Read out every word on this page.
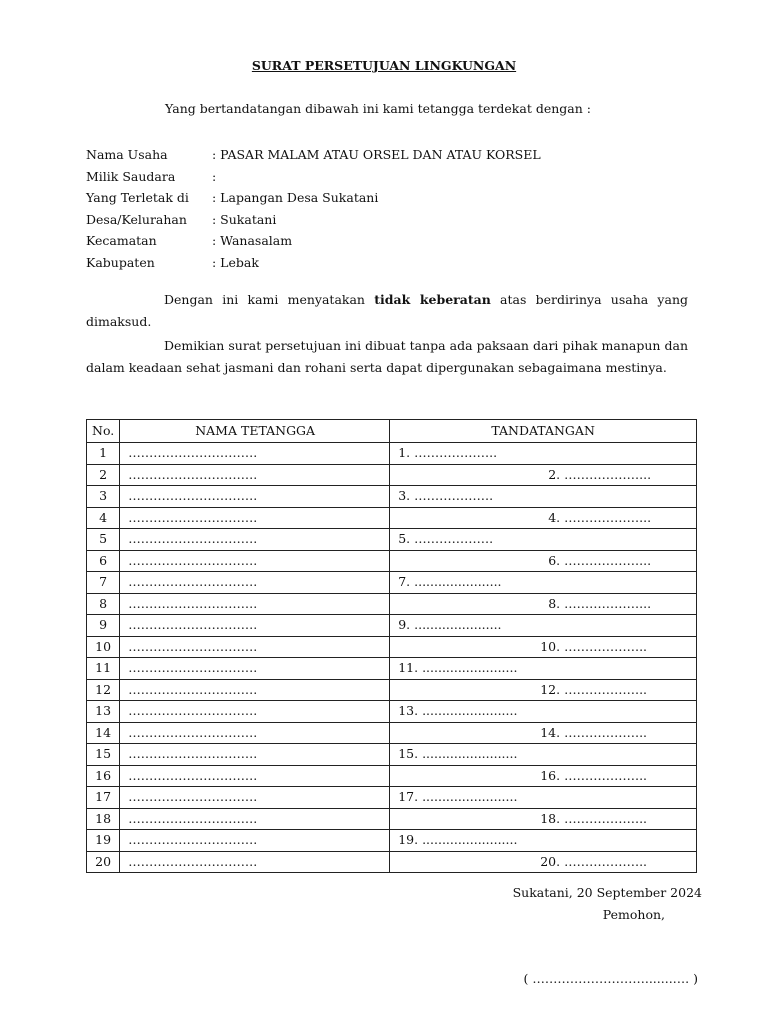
SURAT PERSETUJUAN LINGKUNGAN
Yang bertandatangan dibawah ini kami tetangga terdekat dengan :
Nama Usaha	: PASAR MALAM ATAU ORSEL DAN ATAU KORSEL
Milik Saudara	:
Yang Terletak di	: Lapangan Desa Sukatani
Desa/Kelurahan	: Sukatani
Kecamatan	: Wanasalam
Kabupaten	: Lebak
Dengan ini kami menyatakan tidak keberatan atas berdirinya usaha yang dimaksud.
Demikian surat persetujuan ini dibuat tanpa ada paksaan dari pihak manapun dan dalam keadaan sehat jasmani dan rohani serta dapat dipergunakan sebagaimana mestinya.
No.	NAMA TETANGGA	TANDATANGAN
1	………………………….	1. ………………..
2	………………………….	2. ………………...
3	………………………….	3. ……………….
4	………………………….	4. ………………...
5	………………………….	5. ……………….
6	………………………….	6. ………………...
7	………………………….	7. ......................
8	………………………….	8. ………………...
9	………………………….	9. ......................
10	………………………….	10. ………………..
11	………………………….	11. ........................
12	………………………….	12. ………………..
13	………………………….	13. ........................
14	………………………….	14. ………………..
15	………………………….	15. ........................
16	………………………….	16. ………………..
17	………………………….	17. ........................
18	………………………….	18. ………………..
19	………………………….	19. ........................
20	………………………….	20. ………………..
Sukatani, 20 September 2024
Pemohon,
( ……………………….......…. )
